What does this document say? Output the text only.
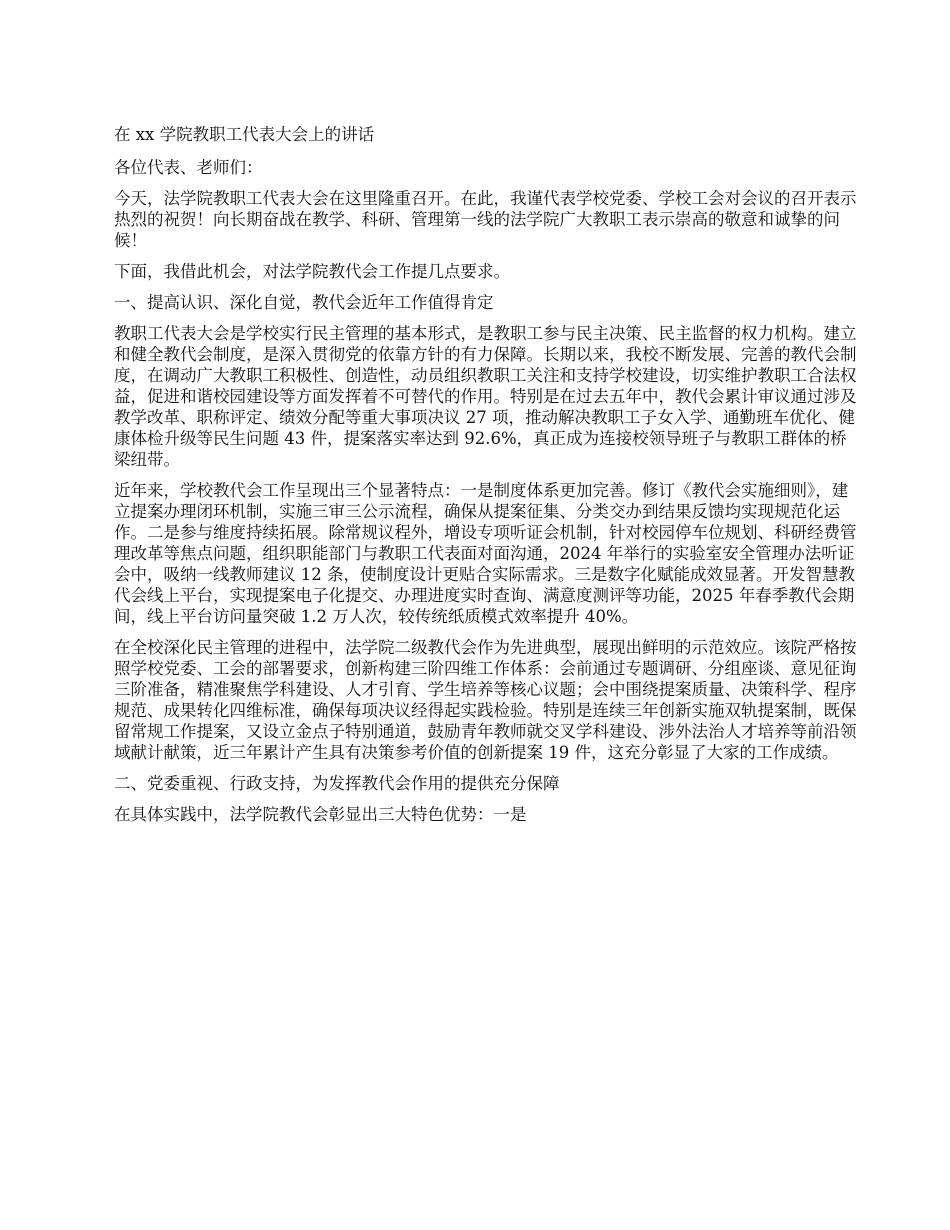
在 xx 学院教职工代表大会上的讲话

各位代表、老师们：

今天，法学院教职工代表大会在这里隆重召开。在此，我谨代表学校党委、学校工会对会议的召开表示热烈的祝贺！向长期奋战在教学、科研、管理第一线的法学院广大教职工表示崇高的敬意和诚挚的问候！

下面，我借此机会，对法学院教代会工作提几点要求。

一、提高认识、深化自觉，教代会近年工作值得肯定

教职工代表大会是学校实行民主管理的基本形式，是教职工参与民主决策、民主监督的权力机构。建立和健全教代会制度，是深入贯彻党的依靠方针的有力保障。长期以来，我校不断发展、完善的教代会制度，在调动广大教职工积极性、创造性，动员组织教职工关注和支持学校建设，切实维护教职工合法权益，促进和谐校园建设等方面发挥着不可替代的作用。特别是在过去五年中，教代会累计审议通过涉及教学改革、职称评定、绩效分配等重大事项决议 27 项，推动解决教职工子女入学、通勤班车优化、健康体检升级等民生问题 43 件，提案落实率达到 92.6%，真正成为连接校领导班子与教职工群体的桥梁纽带。

近年来，学校教代会工作呈现出三个显著特点：一是制度体系更加完善。修订《教代会实施细则》，建立提案办理闭环机制，实施三审三公示流程，确保从提案征集、分类交办到结果反馈均实现规范化运作。二是参与维度持续拓展。除常规议程外，增设专项听证会机制，针对校园停车位规划、科研经费管理改革等焦点问题，组织职能部门与教职工代表面对面沟通，2024 年举行的实验室安全管理办法听证会中，吸纳一线教师建议 12 条，使制度设计更贴合实际需求。三是数字化赋能成效显著。开发智慧教代会线上平台，实现提案电子化提交、办理进度实时查询、满意度测评等功能，2025 年春季教代会期间，线上平台访问量突破 1.2 万人次，较传统纸质模式效率提升 40%。

在全校深化民主管理的进程中，法学院二级教代会作为先进典型，展现出鲜明的示范效应。该院严格按照学校党委、工会的部署要求，创新构建三阶四维工作体系：会前通过专题调研、分组座谈、意见征询三阶准备，精准聚焦学科建设、人才引育、学生培养等核心议题；会中围绕提案质量、决策科学、程序规范、成果转化四维标准，确保每项决议经得起实践检验。特别是连续三年创新实施双轨提案制，既保留常规工作提案，又设立金点子特别通道，鼓励青年教师就交叉学科建设、涉外法治人才培养等前沿领域献计献策，近三年累计产生具有决策参考价值的创新提案 19 件，这充分彰显了大家的工作成绩。

二、党委重视、行政支持，为发挥教代会作用的提供充分保障

在具体实践中，法学院教代会彰显出三大特色优势：一是
